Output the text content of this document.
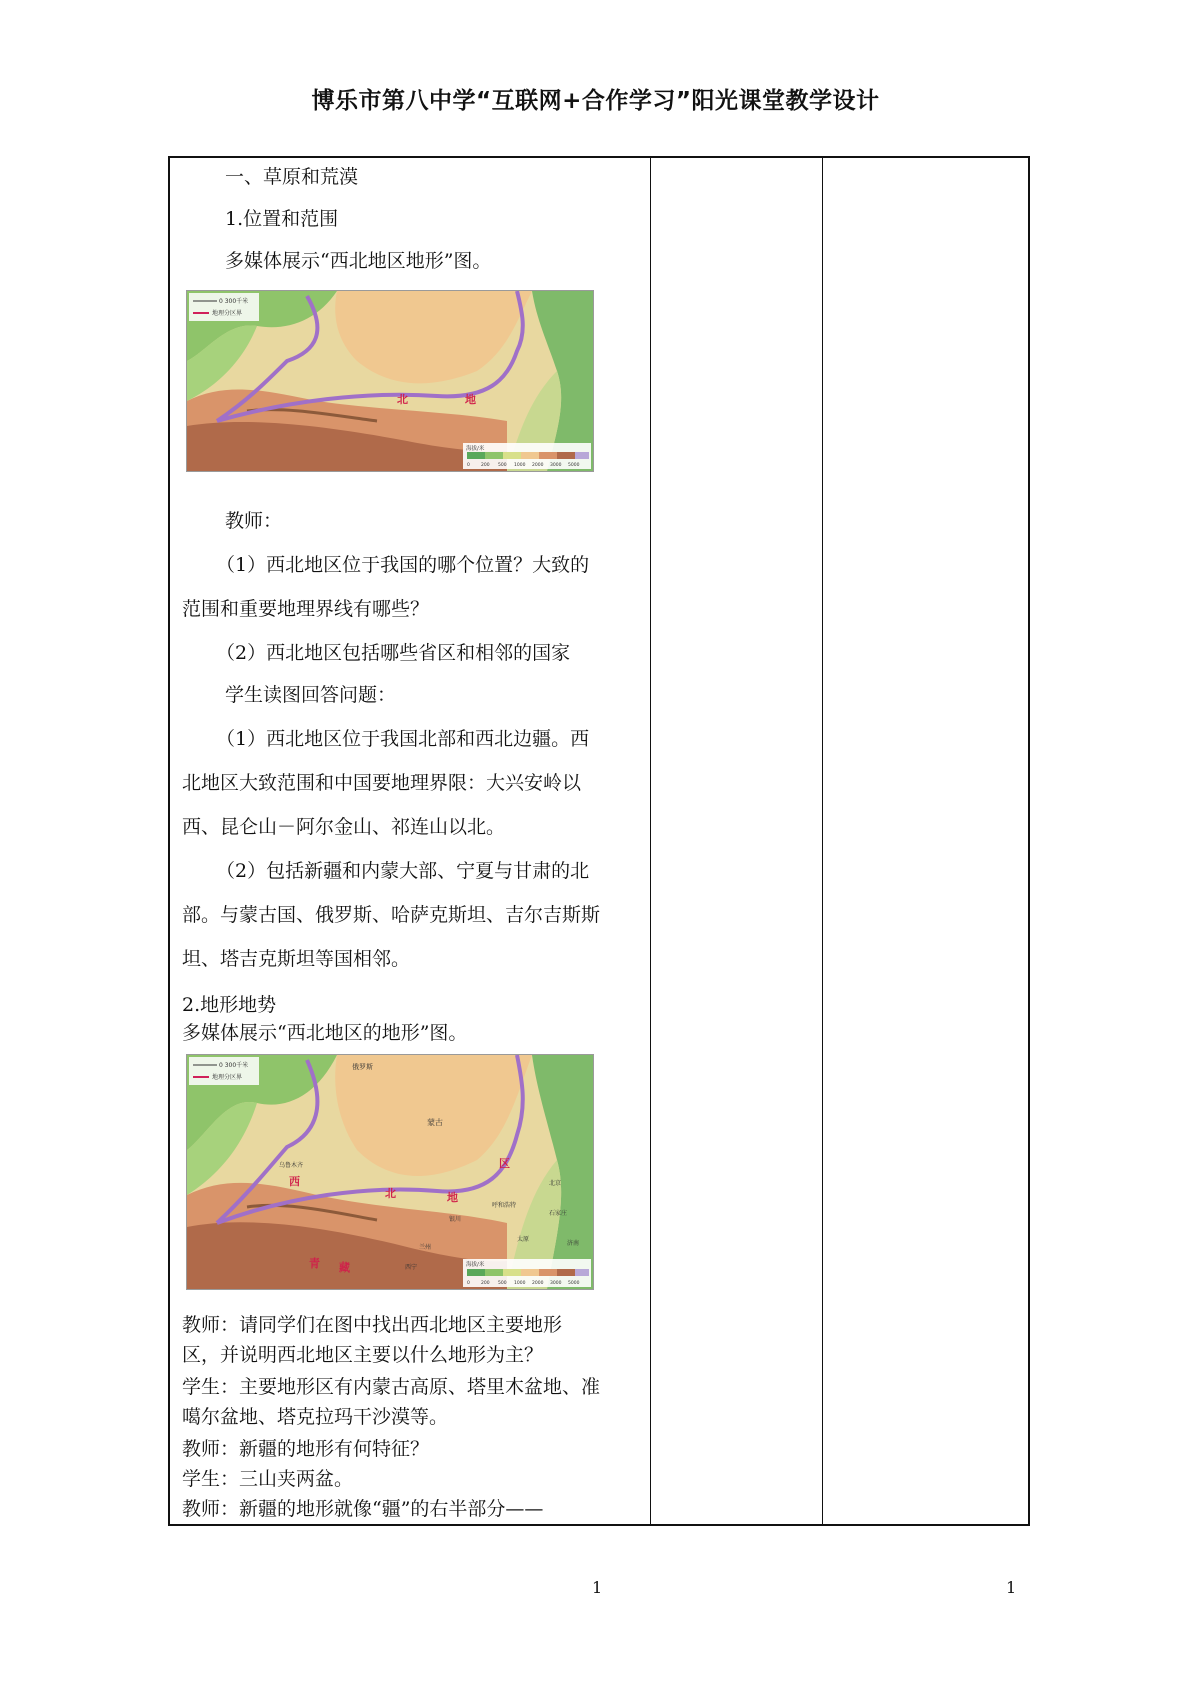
博乐市第八中学“互联网+合作学习”阳光课堂教学设计
一、草原和荒漠
1.位置和范围
多媒体展示“西北地区地形”图。
0 300千米
地理分区界
北	地
海拔/米
0 200 500 1000 2000 3000 5000
教师：
（1）西北地区位于我国的哪个位置？大致的
范围和重要地理界线有哪些？
（2）西北地区包括哪些省区和相邻的国家
学生读图回答问题：
（1）西北地区位于我国北部和西北边疆。西
北地区大致范围和中国要地理界限：大兴安岭以
西、昆仑山－阿尔金山、祁连山以北。
（2）包括新疆和内蒙大部、宁夏与甘肃的北
部。与蒙古国、俄罗斯、哈萨克斯坦、吉尔吉斯斯
坦、塔吉克斯坦等国相邻。
2.地形地势
多媒体展示“西北地区的地形”图。
0 300千米
地理分区界
俄罗斯
蒙古
乌鲁木齐
西
北	地
区
青 藏
北京
呼和浩特
银川
兰州
西宁
太原
石家庄
济南
海拔/米
0 200 500 1000 2000 3000 5000
教师：请同学们在图中找出西北地区主要地形
区，并说明西北地区主要以什么地形为主？
学生：主要地形区有内蒙古高原、塔里木盆地、准
噶尔盆地、塔克拉玛干沙漠等。
教师：新疆的地形有何特征？
学生：三山夹两盆。
教师：新疆的地形就像“疆”的右半部分——
1	1
